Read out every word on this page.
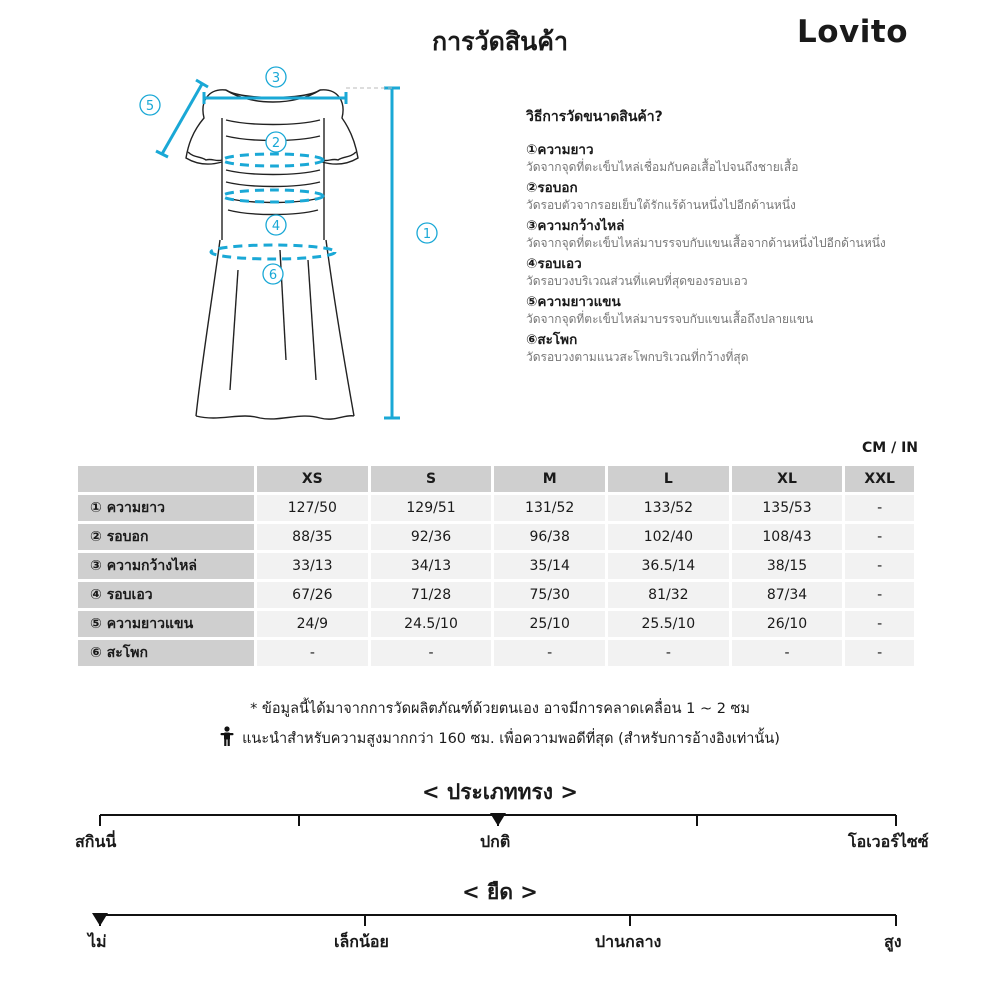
การวัดสินค้า	Lovito
1
2
3
4
5
6
วิธีการวัดขนาดสินค้า?
①ความยาว
วัดจากจุดที่ตะเข็บไหล่เชื่อมกับคอเสื้อไปจนถึงชายเสื้อ
②รอบอก
วัดรอบตัวจากรอยเย็บใต้รักแร้ด้านหนึ่งไปอีกด้านหนึ่ง
③ความกว้างไหล่
วัดจากจุดที่ตะเข็บไหล่มาบรรจบกับแขนเสื้อจากด้านหนึ่งไปอีกด้านหนึ่ง
④รอบเอว
วัดรอบวงบริเวณส่วนที่แคบที่สุดของรอบเอว
⑤ความยาวแขน
วัดจากจุดที่ตะเข็บไหล่มาบรรจบกับแขนเสื้อถึงปลายแขน
⑥สะโพก
วัดรอบวงตามแนวสะโพกบริเวณที่กว้างที่สุด
CM / IN
	XS	S	M	L	XL	XXL
① ความยาว	127/50	129/51	131/52	133/52	135/53	-
② รอบอก	88/35	92/36	96/38	102/40	108/43	-
③ ความกว้างไหล่	33/13	34/13	35/14	36.5/14	38/15	-
④ รอบเอว	67/26	71/28	75/30	81/32	87/34	-
⑤ ความยาวแขน	24/9	24.5/10	25/10	25.5/10	26/10	-
⑥ สะโพก	-	-	-	-	-	-
* ข้อมูลนี้ได้มาจากการวัดผลิตภัณฑ์ด้วยตนเอง อาจมีการคลาดเคลื่อน 1 ~ 2 ซม
แนะนำสำหรับความสูงมากกว่า 160 ซม. เพื่อความพอดีที่สุด (สำหรับการอ้างอิงเท่านั้น)
< ประเภททรง >
สกินนี่	ปกติ	โอเวอร์ไซซ์
< ยืด >
ไม่	เล็กน้อย	ปานกลาง	สูง
